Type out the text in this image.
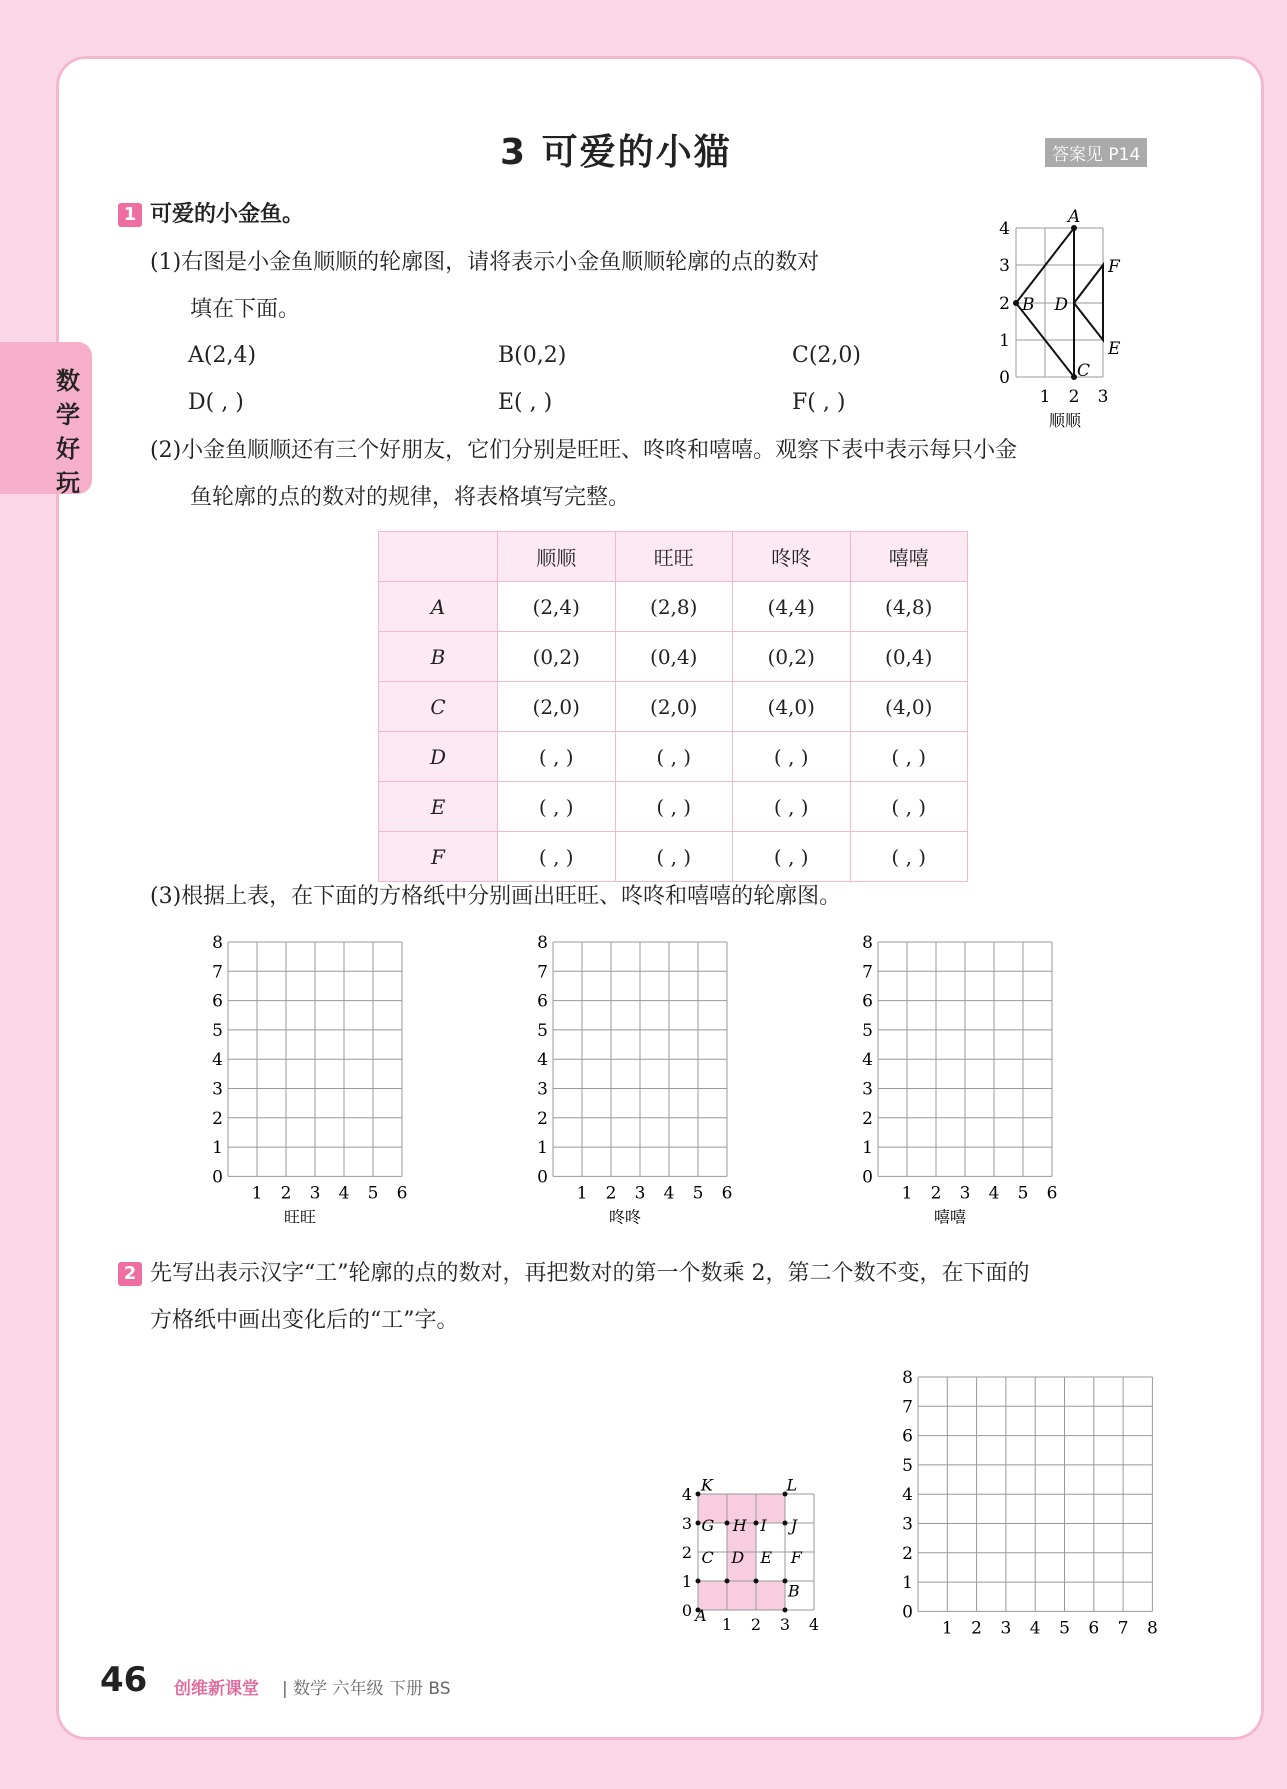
数学好玩
3 可爱的小猫	答案见 P14
1 可爱的小金鱼。
(1)右图是小金鱼顺顺的轮廓图，请将表示小金鱼顺顺轮廓的点的数对
填在下面。
A(2,4)	B(0,2)	C(2,0)
D( , )	E( , )	F( , )
A
B
C
D
E
F
4
3
2
1
0
1 2 3
顺顺
(2)小金鱼顺顺还有三个好朋友，它们分别是旺旺、咚咚和嘻嘻。观察下表中表示每只小金
鱼轮廓的点的数对的规律，将表格填写完整。
	顺顺	旺旺	咚咚	嘻嘻
A	(2,4)	(2,8)	(4,4)	(4,8)
B	(0,2)	(0,4)	(0,2)	(0,4)
C	(2,0)	(2,0)	(4,0)	(4,0)
D	( , )	( , )	( , )	( , )
E	( , )	( , )	( , )	( , )
F	( , )	( , )	( , )	( , )
(3)根据上表，在下面的方格纸中分别画出旺旺、咚咚和嘻嘻的轮廓图。
8
7
6
5
4
3
2
1
0
1 2 3 4 5 6
旺旺
8
7
6
5
4
3
2
1
0
1 2 3 4 5 6
咚咚
8
7
6
5
4
3
2
1
0
1 2 3 4 5 6
嘻嘻
2 先写出表示汉字“工”轮廓的点的数对，再把数对的第一个数乘 2，第二个数不变，在下面的
方格纸中画出变化后的“工”字。
K	L
G H I J
C D E F
A
B
4
3
2
1
0
1 2 3 4
8
7
6
5
4
3
2
1
0
1 2 3 4 5 6 7 8
46 创维新课堂 | 数学 六年级 下册 BS
